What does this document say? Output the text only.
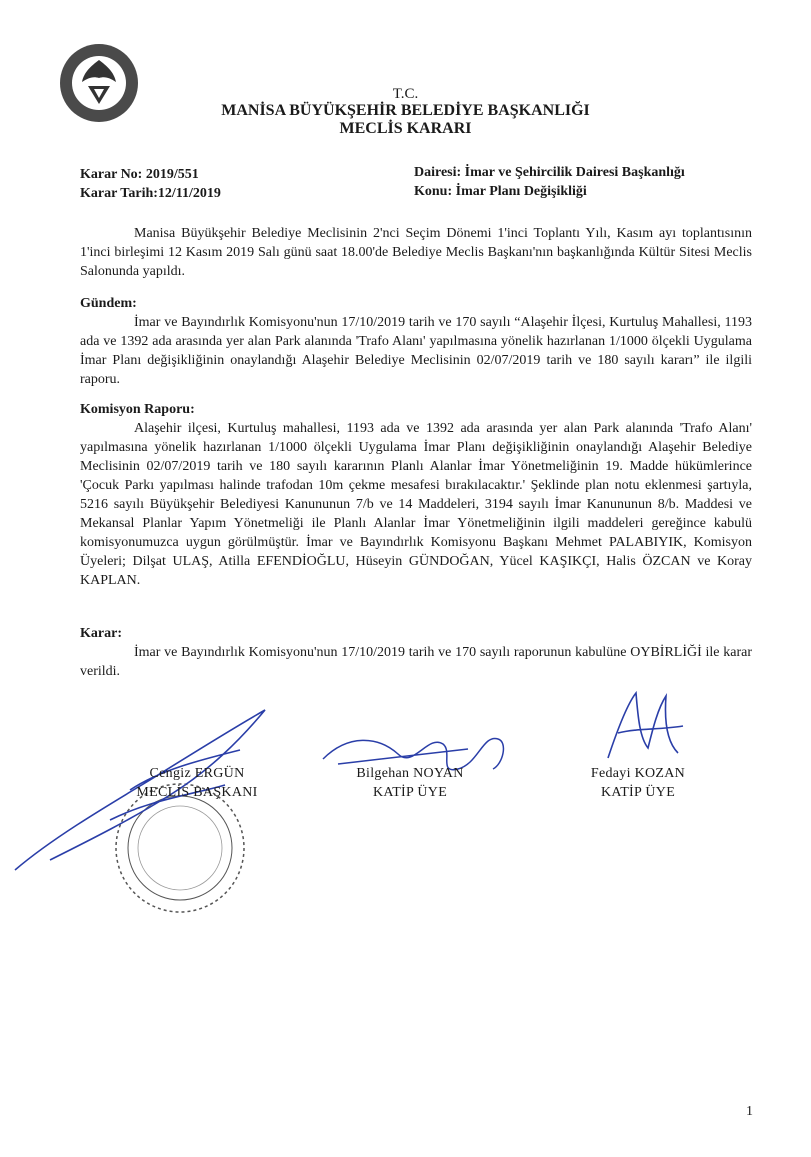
T.C.
MANİSA BÜYÜKŞEHİR BELEDİYE BAŞKANLIĞI
MECLİS KARARI
Karar No: 2019/551
Karar Tarih:12/11/2019
Dairesi: İmar ve Şehircilik Dairesi Başkanlığı
Konu: İmar Planı Değişikliği

Manisa Büyükşehir Belediye Meclisinin 2'nci Seçim Dönemi 1'inci Toplantı Yılı, Kasım ayı toplantısının 1'inci birleşimi 12 Kasım 2019 Salı günü saat 18.00'de Belediye Meclis Başkanı'nın başkanlığında Kültür Sitesi Meclis Salonunda yapıldı.

Gündem:

İmar ve Bayındırlık Komisyonu'nun 17/10/2019 tarih ve 170 sayılı “Alaşehir İlçesi, Kurtuluş Mahallesi, 1193 ada ve 1392 ada arasında yer alan Park alanında 'Trafo Alanı' yapılmasına yönelik hazırlanan 1/1000 ölçekli Uygulama İmar Planı değişikliğinin onaylandığı Alaşehir Belediye Meclisinin 02/07/2019 tarih ve 180 sayılı kararı” ile ilgili raporu.

Komisyon Raporu:

Alaşehir ilçesi, Kurtuluş mahallesi, 1193 ada ve 1392 ada arasında yer alan Park alanında 'Trafo Alanı' yapılmasına yönelik hazırlanan 1/1000 ölçekli Uygulama İmar Planı değişikliğinin onaylandığı Alaşehir Belediye Meclisinin 02/07/2019 tarih ve 180 sayılı kararının Planlı Alanlar İmar Yönetmeliğinin 19. Madde hükümlerince 'Çocuk Parkı yapılması halinde trafodan 10m çekme mesafesi bırakılacaktır.' Şeklinde plan notu eklenmesi şartıyla, 5216 sayılı Büyükşehir Belediyesi Kanununun 7/b ve 14 Maddeleri, 3194 sayılı İmar Kanununun 8/b. Maddesi ve Mekansal Planlar Yapım Yönetmeliği ile Planlı Alanlar İmar Yönetmeliğinin ilgili maddeleri gereğince kabulü komisyonumuzca uygun görülmüştür. İmar ve Bayındırlık Komisyonu Başkanı Mehmet PALABIYIK, Komisyon Üyeleri; Dilşat ULAŞ, Atilla EFENDİOĞLU, Hüseyin GÜNDOĞAN, Yücel KAŞIKÇI, Halis ÖZCAN ve Koray KAPLAN.

Karar:

İmar ve Bayındırlık Komisyonu'nun 17/10/2019 tarih ve 170 sayılı raporunun kabulüne OYBİRLİĞİ ile karar verildi.

Cengiz ERGÜN
MECLİS BAŞKANI
Bilgehan NOYAN
KATİP ÜYE
Fedayi KOZAN
KATİP ÜYE
1
